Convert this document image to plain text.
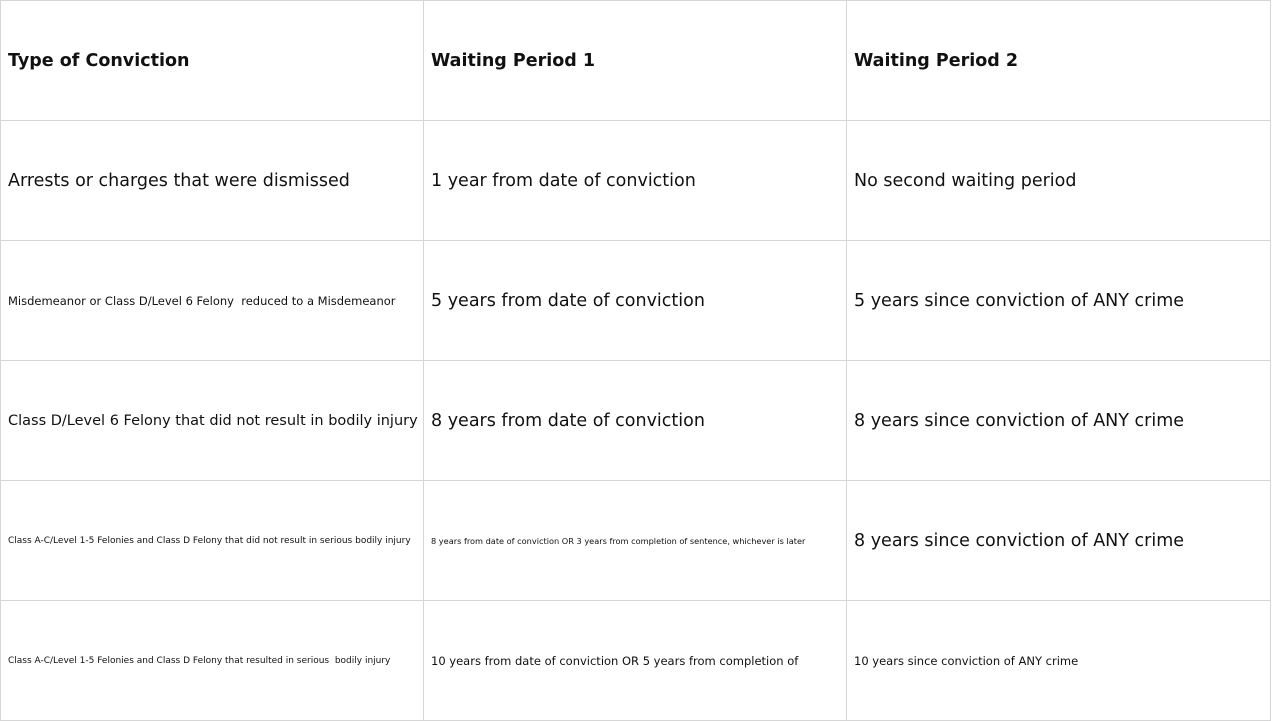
Type of Conviction	Waiting Period 1	Waiting Period 2
Arrests or charges that were dismissed	1 year from date of conviction	No second waiting period
Misdemeanor or Class D/Level 6 Felony  reduced to a Misdemeanor	5 years from date of conviction	5 years since conviction of ANY crime
Class D/Level 6 Felony that did not result in bodily injury	8 years from date of conviction	8 years since conviction of ANY crime
Class A-C/Level 1-5 Felonies and Class D Felony that did not result in serious bodily injury	8 years from date of conviction OR 3 years from completion of sentence, whichever is later	8 years since conviction of ANY crime
Class A-C/Level 1-5 Felonies and Class D Felony that resulted in serious  bodily injury	10 years from date of conviction OR 5 years from completion of	10 years since conviction of ANY crime
